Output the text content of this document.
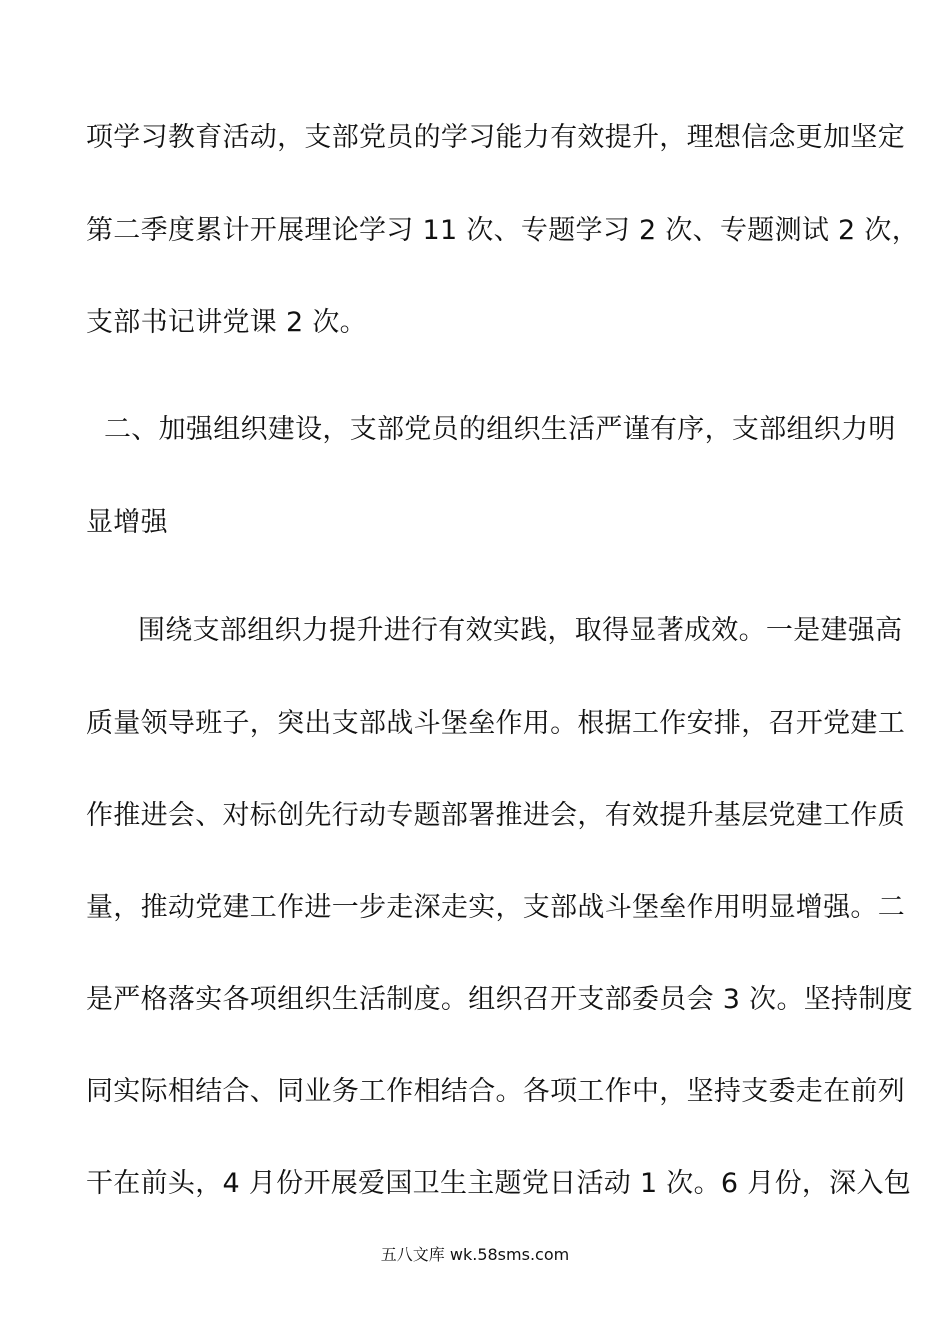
项学习教育活动，支部党员的学习能力有效提升，理想信念更加坚定
第二季度累计开展理论学习 11 次、专题学习 2 次、专题测试 2 次，
支部书记讲党课 2 次。
二、加强组织建设，支部党员的组织生活严谨有序，支部组织力明
显增强
围绕支部组织力提升进行有效实践，取得显著成效。一是建强高
质量领导班子，突出支部战斗堡垒作用。根据工作安排，召开党建工
作推进会、对标创先行动专题部署推进会，有效提升基层党建工作质
量，推动党建工作进一步走深走实，支部战斗堡垒作用明显增强。二
是严格落实各项组织生活制度。组织召开支部委员会 3 次。坚持制度
同实际相结合、同业务工作相结合。各项工作中，坚持支委走在前列
干在前头，4 月份开展爱国卫生主题党日活动 1 次。6 月份，深入包
五八文库 wk.58sms.com
